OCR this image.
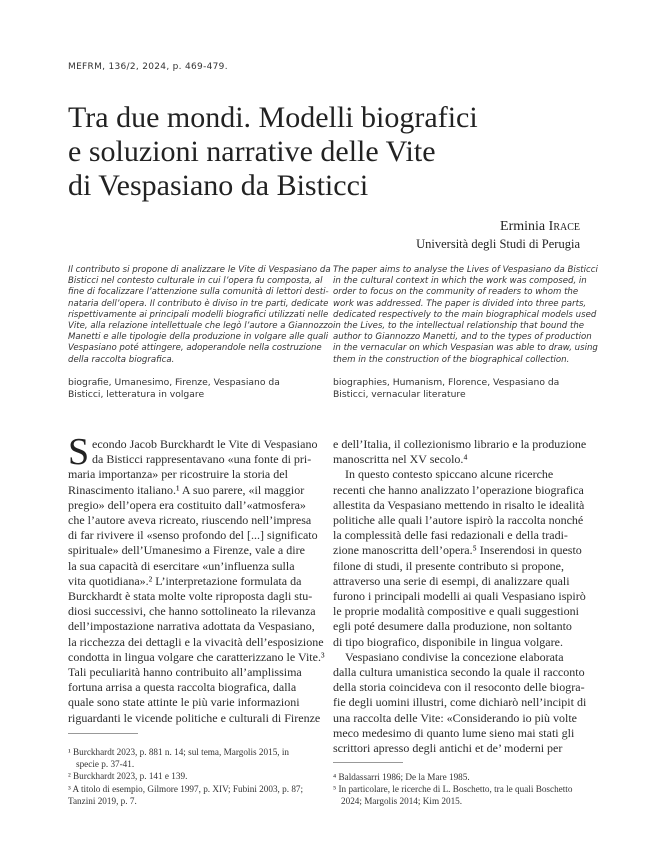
MEFRM, 136/2, 2024, p. 469-479.
Tra due mondi. Modelli biografici
e soluzioni narrative delle Vite
di Vespasiano da Bisticci
Erminia Irace
Università degli Studi di Perugia
Il contributo si propone di analizzare le Vite di Vespasiano da
Bisticci nel contesto culturale in cui l’opera fu composta, al
fine di focalizzare l’attenzione sulla comunità di lettori desti-
nataria dell’opera. Il contributo è diviso in tre parti, dedicate
rispettivamente ai principali modelli biografici utilizzati nelle
Vite, alla relazione intellettuale che legò l’autore a Giannozzo
Manetti e alle tipologie della produzione in volgare alle quali
Vespasiano poté attingere, adoperandole nella costruzione
della raccolta biografica.
biografie, Umanesimo, Firenze, Vespasiano da
Bisticci, letteratura in volgare
The paper aims to analyse the Lives of Vespasiano da Bisticci
in the cultural context in which the work was composed, in
order to focus on the community of readers to whom the
work was addressed. The paper is divided into three parts,
dedicated respectively to the main biographical models used
in the Lives, to the intellectual relationship that bound the
author to Giannozzo Manetti, and to the types of production
in the vernacular on which Vespasian was able to draw, using
them in the construction of the biographical collection.
biographies, Humanism, Florence, Vespasiano da
Bisticci, vernacular literature
S econdo Jacob Burckhardt le Vite di Vespasiano
da Bisticci rappresentavano «una fonte di pri-
maria importanza» per ricostruire la storia del
Rinascimento italiano.¹ A suo parere, «il maggior
pregio» dell’opera era costituito dall’«atmosfera»
che l’autore aveva ricreato, riuscendo nell’impresa
di far rivivere il «senso profondo del [...] significato
spirituale» dell’Umanesimo a Firenze, vale a dire
la sua capacità di esercitare «un’influenza sulla
vita quotidiana».² L’interpretazione formulata da
Burckhardt è stata molte volte riproposta dagli stu-
diosi successivi, che hanno sottolineato la rilevanza
dell’impostazione narrativa adottata da Vespasiano,
la ricchezza dei dettagli e la vivacità dell’esposizione
condotta in lingua volgare che caratterizzano le Vite.³
Tali peculiarità hanno contribuito all’amplissima
fortuna arrisa a questa raccolta biografica, dalla
quale sono state attinte le più varie informazioni
riguardanti le vicende politiche e culturali di Firenze
e dell’Italia, il collezionismo librario e la produzione
manoscritta nel XV secolo.⁴
In questo contesto spiccano alcune ricerche
recenti che hanno analizzato l’operazione biografica
allestita da Vespasiano mettendo in risalto le idealità
politiche alle quali l’autore ispirò la raccolta nonché
la complessità delle fasi redazionali e della tradi-
zione manoscritta dell’opera.⁵ Inserendosi in questo
filone di studi, il presente contributo si propone,
attraverso una serie di esempi, di analizzare quali
furono i principali modelli ai quali Vespasiano ispirò
le proprie modalità compositive e quali suggestioni
egli poté desumere dalla produzione, non soltanto
di tipo biografico, disponibile in lingua volgare.
Vespasiano condivise la concezione elaborata
dalla cultura umanistica secondo la quale il racconto
della storia coincideva con il resoconto delle biogra-
fie degli uomini illustri, come dichiarò nell’incipit di
una raccolta delle Vite: «Considerando io più volte
meco medesimo di quanto lume sieno mai stati gli
scrittori apresso degli antichi et de’ moderni per
¹ Burckhardt 2023, p. 881 n. 14; sul tema, Margolis 2015, in
specie p. 37-41.
² Burckhardt 2023, p. 141 e 139.
³ A titolo di esempio, Gilmore 1997, p. XIV; Fubini 2003, p. 87;
Tanzini 2019, p. 7.
⁴ Baldassarri 1986; De la Mare 1985.
⁵ In particolare, le ricerche di L. Boschetto, tra le quali Boschetto
2024; Margolis 2014; Kim 2015.
